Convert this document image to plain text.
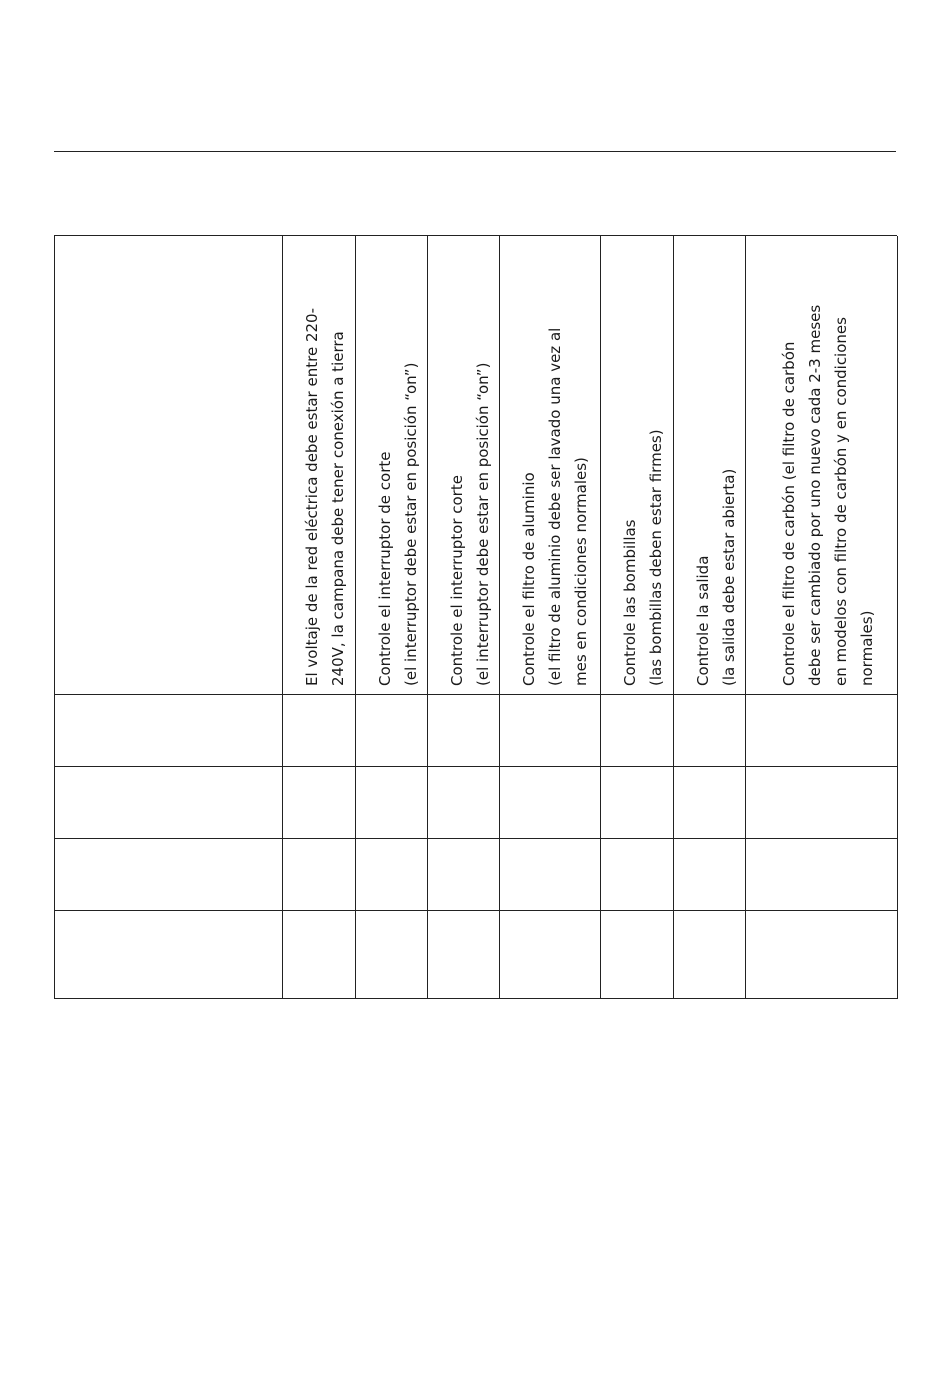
El voltaje de la red eléctrica debe estar entre 220- 240V, la campana debe tener conexión a tierra Controle el interruptor de corte (el interruptor debe estar en posición “on”) Controle el interruptor corte (el interruptor debe estar en posición “on”) Controle el filtro de aluminio (el filtro de aluminio debe ser lavado una vez al mes en condiciones normales) Controle las bombillas (las bombillas deben estar firmes) Controle la salida (la salida debe estar abierta)	Controle el filtro de carbón (el filtro de carbón debe ser cambiado por uno nuevo cada 2-3 meses en modelos con filtro de carbón y en condiciones normales)
